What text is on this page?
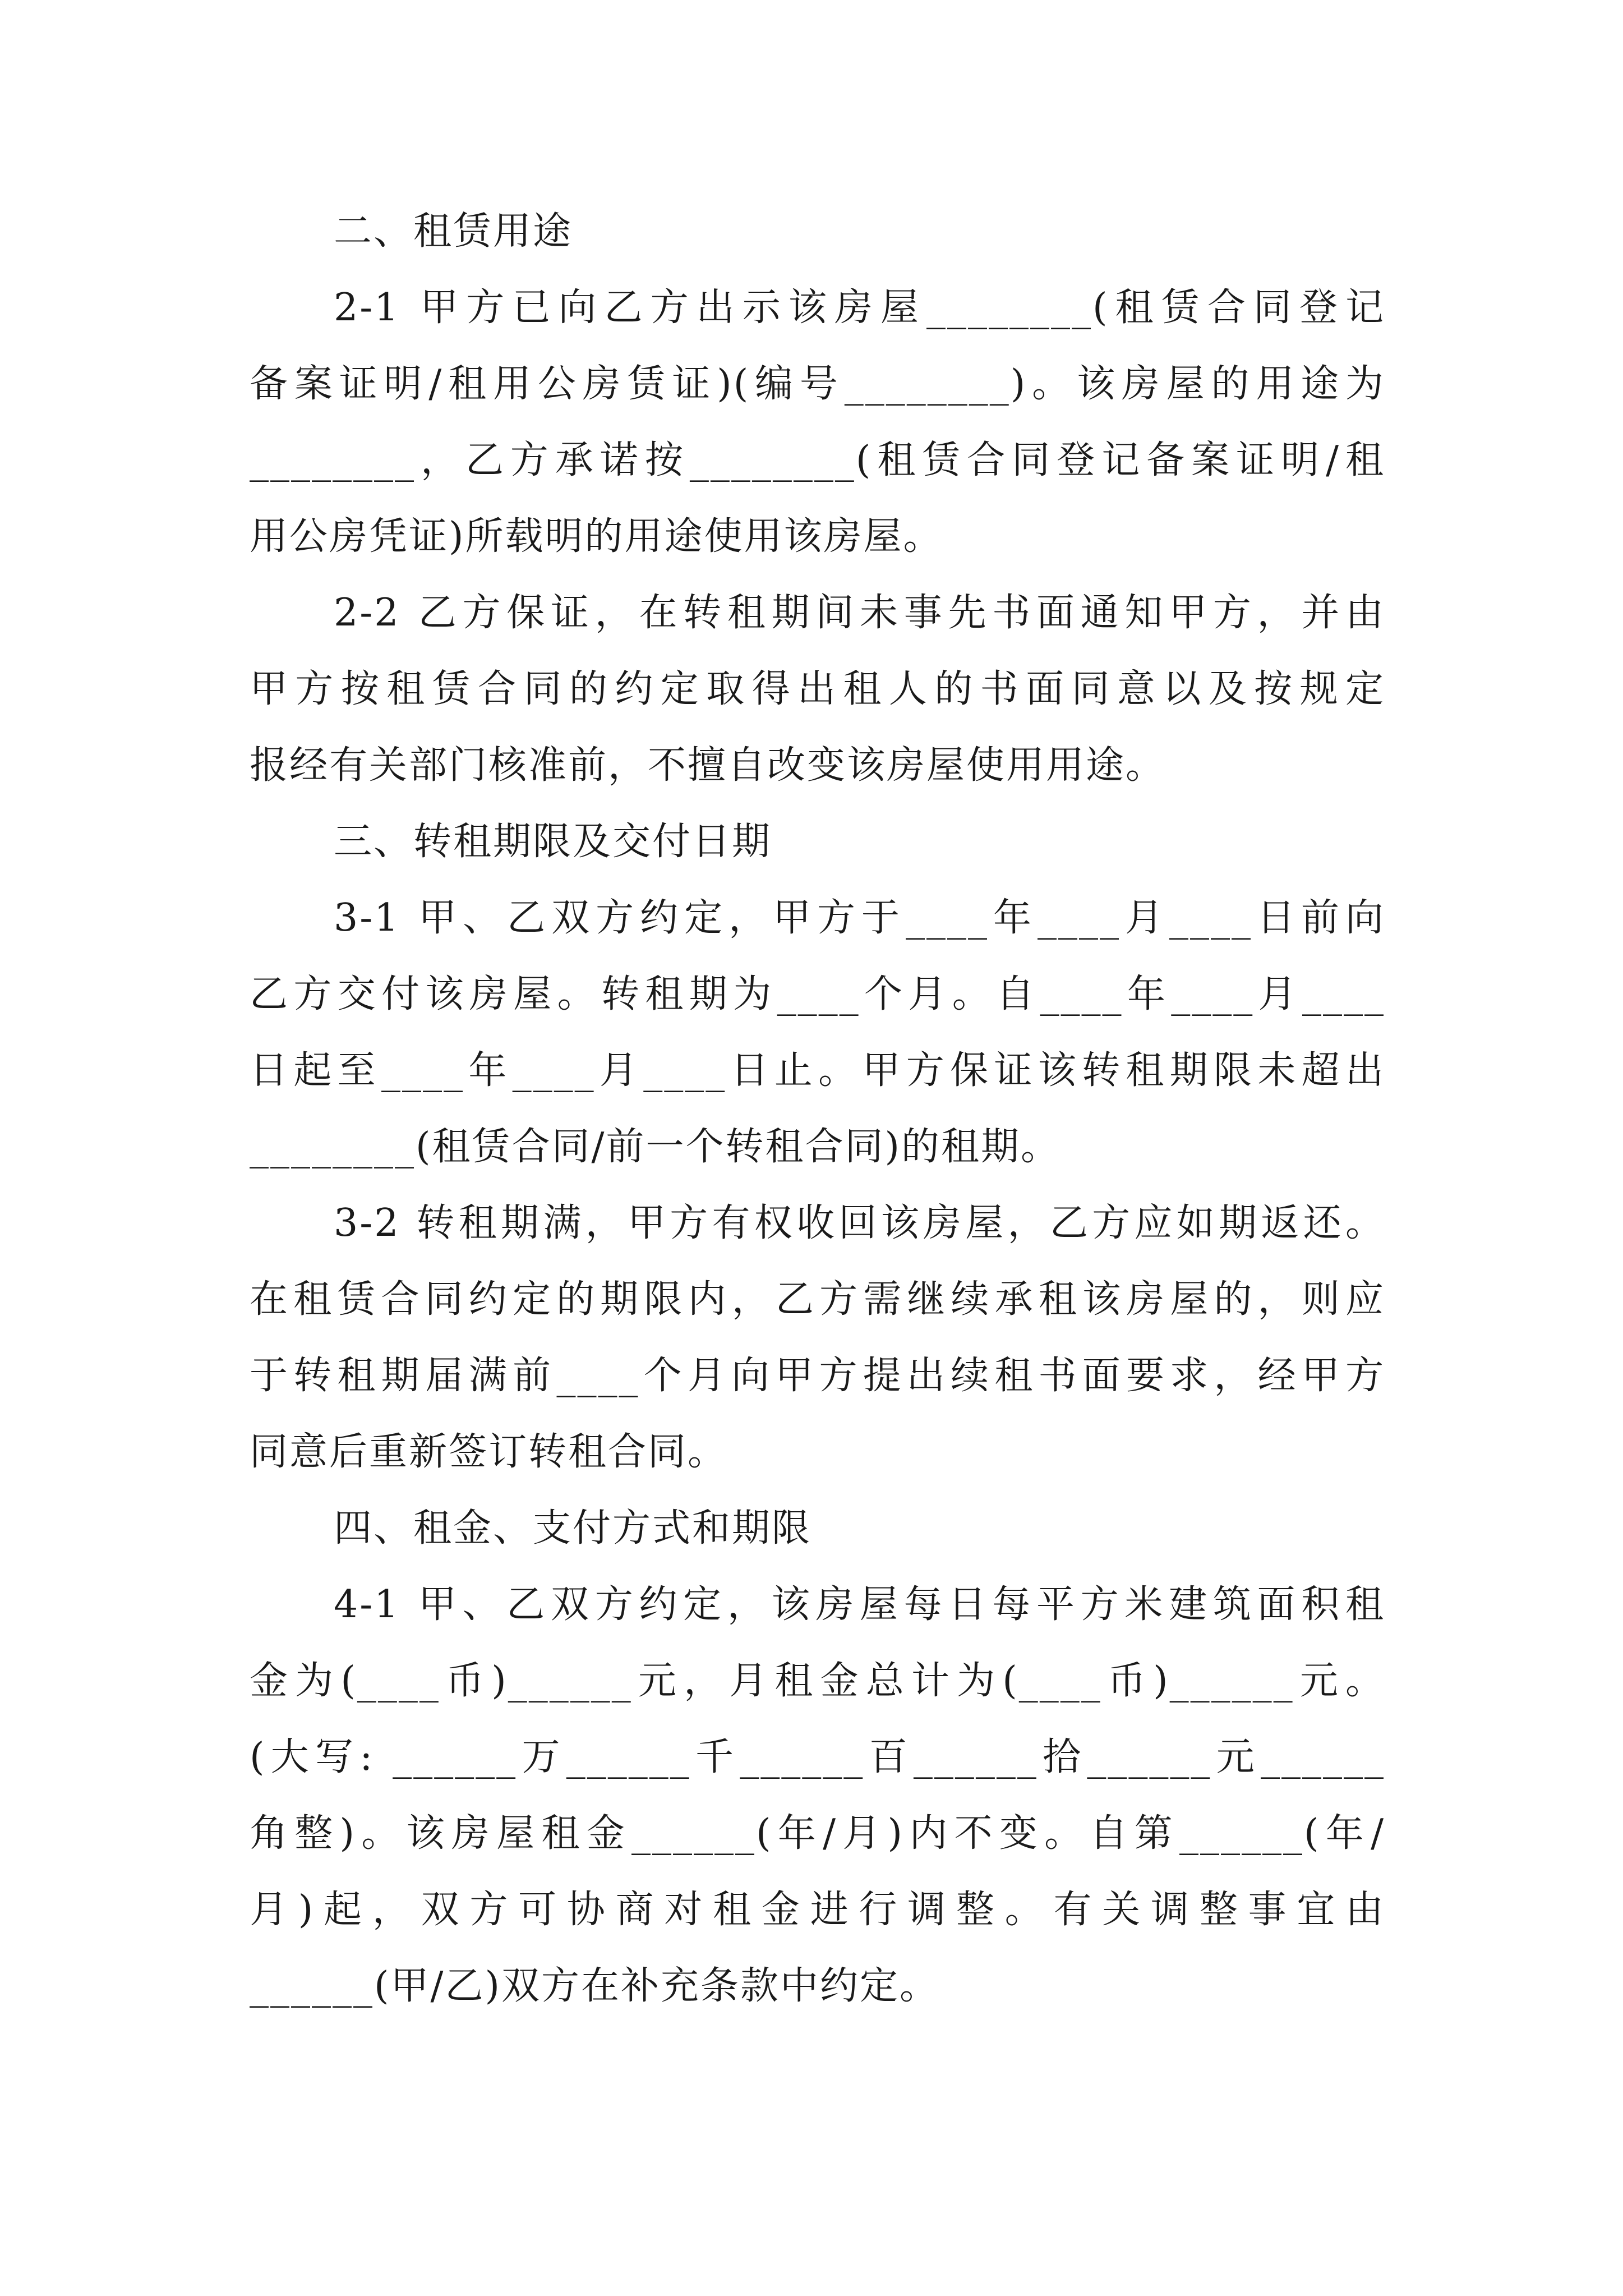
二、租赁用途
2-1 甲方已向乙方出示该房屋________(租赁合同登记
备案证明/租用公房赁证)(编号________)。该房屋的用途为
________，乙方承诺按________(租赁合同登记备案证明/租
用公房凭证)所载明的用途使用该房屋。
2-2 乙方保证，在转租期间未事先书面通知甲方，并由
甲方按租赁合同的约定取得出租人的书面同意以及按规定
报经有关部门核准前，不擅自改变该房屋使用用途。
三、转租期限及交付日期
3-1 甲、乙双方约定，甲方于____年____月____日前向
乙方交付该房屋。转租期为____个月。自____年____月____
日起至____年____月____日止。甲方保证该转租期限未超出
________(租赁合同/前一个转租合同)的租期。
3-2 转租期满，甲方有权收回该房屋，乙方应如期返还。
在租赁合同约定的期限内，乙方需继续承租该房屋的，则应
于转租期届满前____个月向甲方提出续租书面要求，经甲方
同意后重新签订转租合同。
四、租金、支付方式和期限
4-1 甲、乙双方约定，该房屋每日每平方米建筑面积租
金为(____币)______元，月租金总计为(____币)______元。
(大写: ______万______千______百______拾______元______
角整)。该房屋租金______(年/月)内不变。自第______(年/
月)起，双方可协商对租金进行调整。有关调整事宜由
______(甲/乙)双方在补充条款中约定。
